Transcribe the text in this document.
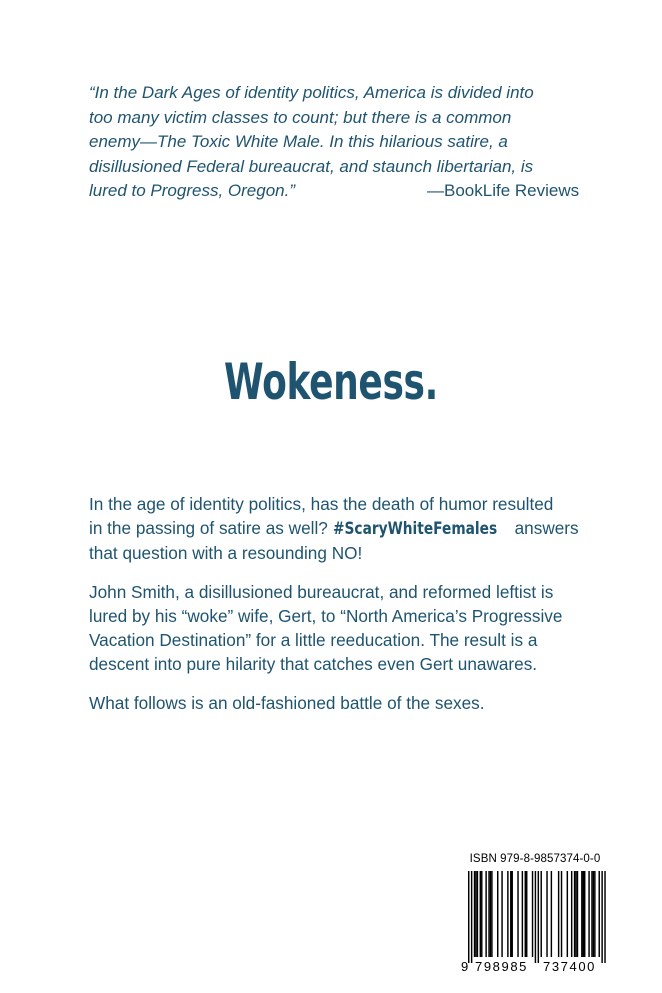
“In the Dark Ages of identity politics, America is divided into
too many victim classes to count; but there is a common
enemy—The Toxic White Male. In this hilarious satire, a
disillusioned Federal bureaucrat, and staunch libertarian, is
lured to Progress, Oregon.”	—BookLife Reviews
Wokeness.
In the age of identity politics, has the death of humor resulted
in the passing of satire as well? #ScaryWhiteFemales answers
that question with a resounding NO!
John Smith, a disillusioned bureaucrat, and reformed leftist is
lured by his “woke” wife, Gert, to “North America’s Progressive
Vacation Destination” for a little reeducation. The result is a
descent into pure hilarity that catches even Gert unawares.
What follows is an old-fashioned battle of the sexes.
ISBN 979-8-9857374-0-0
9 798985 737400
